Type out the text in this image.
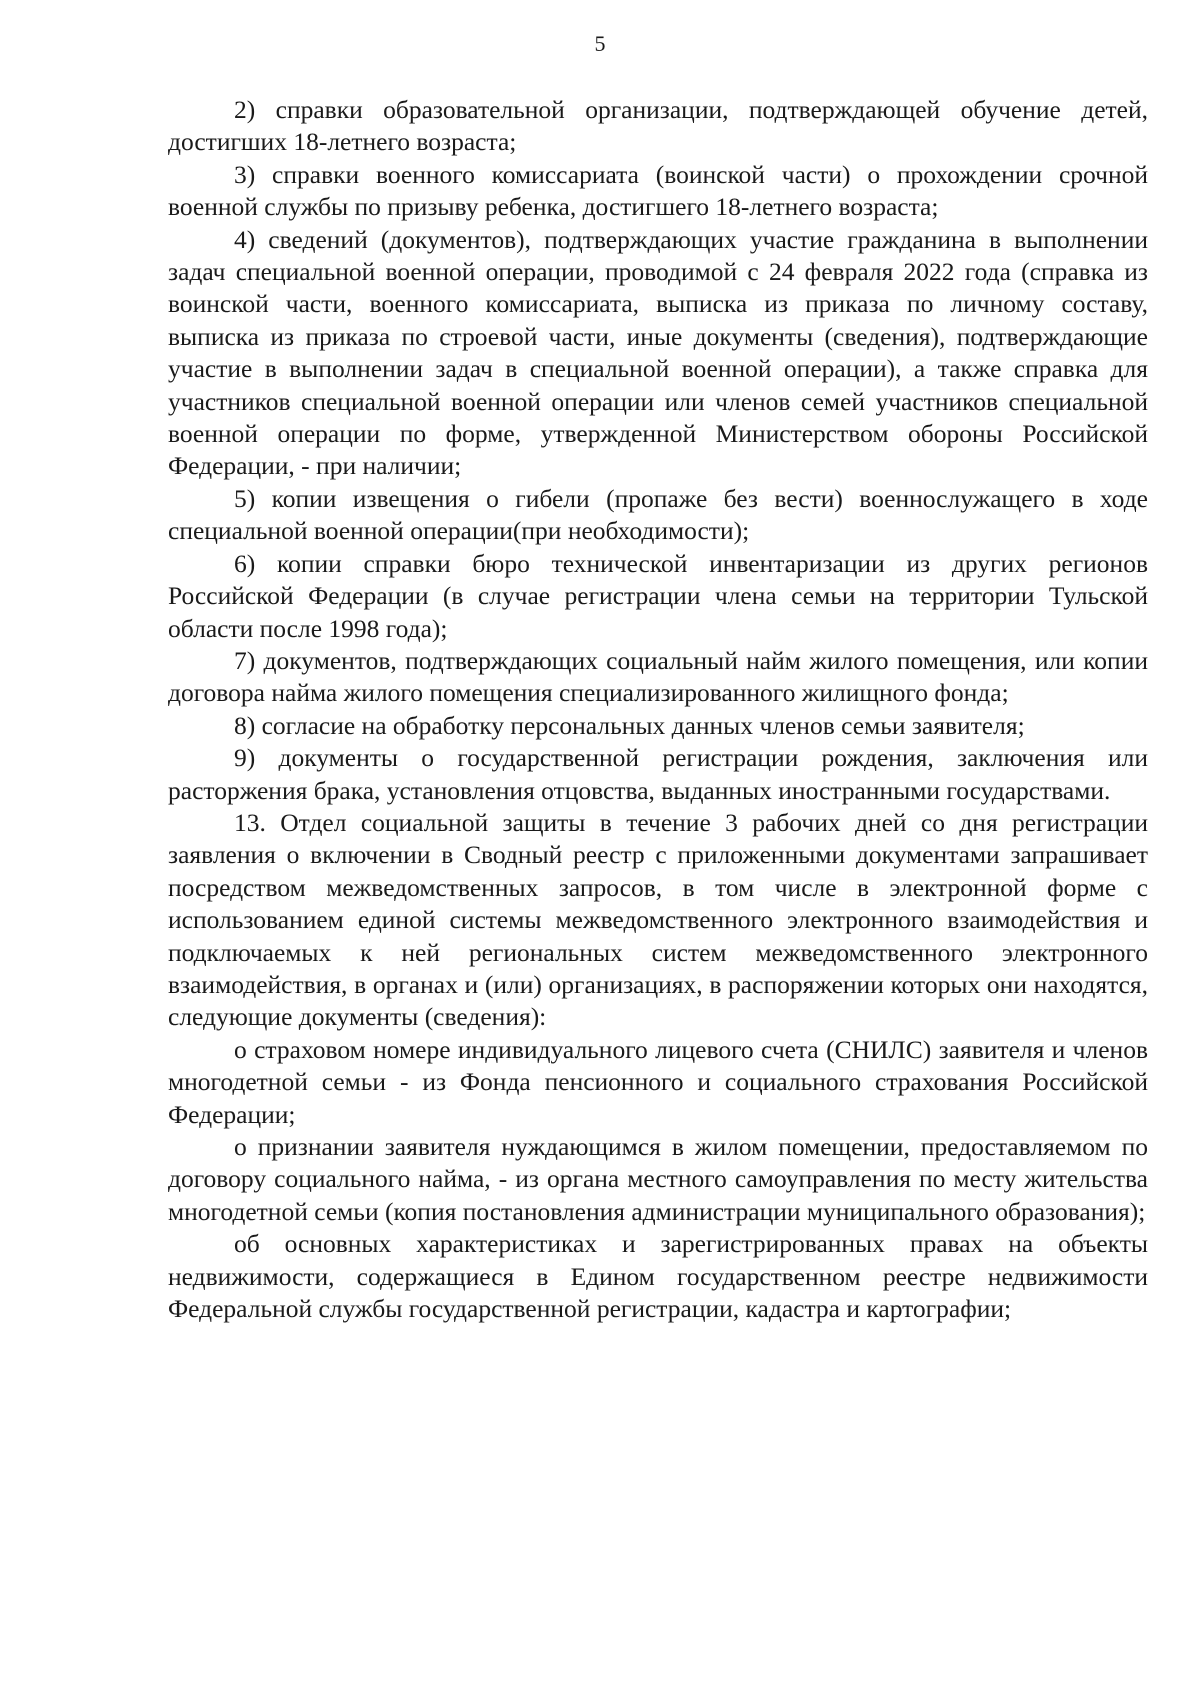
5

2) справки образовательной организации, подтверждающей обучение детей, достигших 18-летнего возраста;

3) справки военного комиссариата (воинской части) о прохождении срочной военной службы по призыву ребенка, достигшего 18-летнего возраста;

4) сведений (документов), подтверждающих участие гражданина в выполнении задач специальной военной операции, проводимой с 24 февраля 2022 года (справка из воинской части, военного комиссариата, выписка из приказа по личному составу, выписка из приказа по строевой части, иные документы (сведения), подтверждающие участие в выполнении задач в специальной военной операции), а также справка для участников специальной военной операции или членов семей участников специальной военной операции по форме, утвержденной Министерством обороны Российской Федерации, - при наличии;

5) копии извещения о гибели (пропаже без вести) военнослужащего в ходе специальной военной операции(при необходимости);

6) копии справки бюро технической инвентаризации из других регионов Российской Федерации (в случае регистрации члена семьи на территории Тульской области после 1998 года);

7) документов, подтверждающих социальный найм жилого помещения, или копии договора найма жилого помещения специализированного жилищного фонда;

8) согласие на обработку персональных данных членов семьи заявителя;

9) документы о государственной регистрации рождения, заключения или расторжения брака, установления отцовства, выданных иностранными государствами.

13. Отдел социальной защиты в течение 3 рабочих дней со дня регистрации заявления о включении в Сводный реестр с приложенными документами запрашивает посредством межведомственных запросов, в том числе в электронной форме с использованием единой системы межведомственного электронного взаимодействия и подключаемых к ней региональных систем межведомственного электронного взаимодействия, в органах и (или) организациях, в распоряжении которых они находятся, следующие документы (сведения):

о страховом номере индивидуального лицевого счета (СНИЛС) заявителя и членов многодетной семьи - из Фонда пенсионного и социального страхования Российской Федерации;

о признании заявителя нуждающимся в жилом помещении, предоставляемом по договору социального найма, - из органа местного самоуправления по месту жительства многодетной семьи (копия постановления администрации муниципального образования);

об основных характеристиках и зарегистрированных правах на объекты недвижимости, содержащиеся в Едином государственном реестре недвижимости Федеральной службы государственной регистрации, кадастра и картографии;
